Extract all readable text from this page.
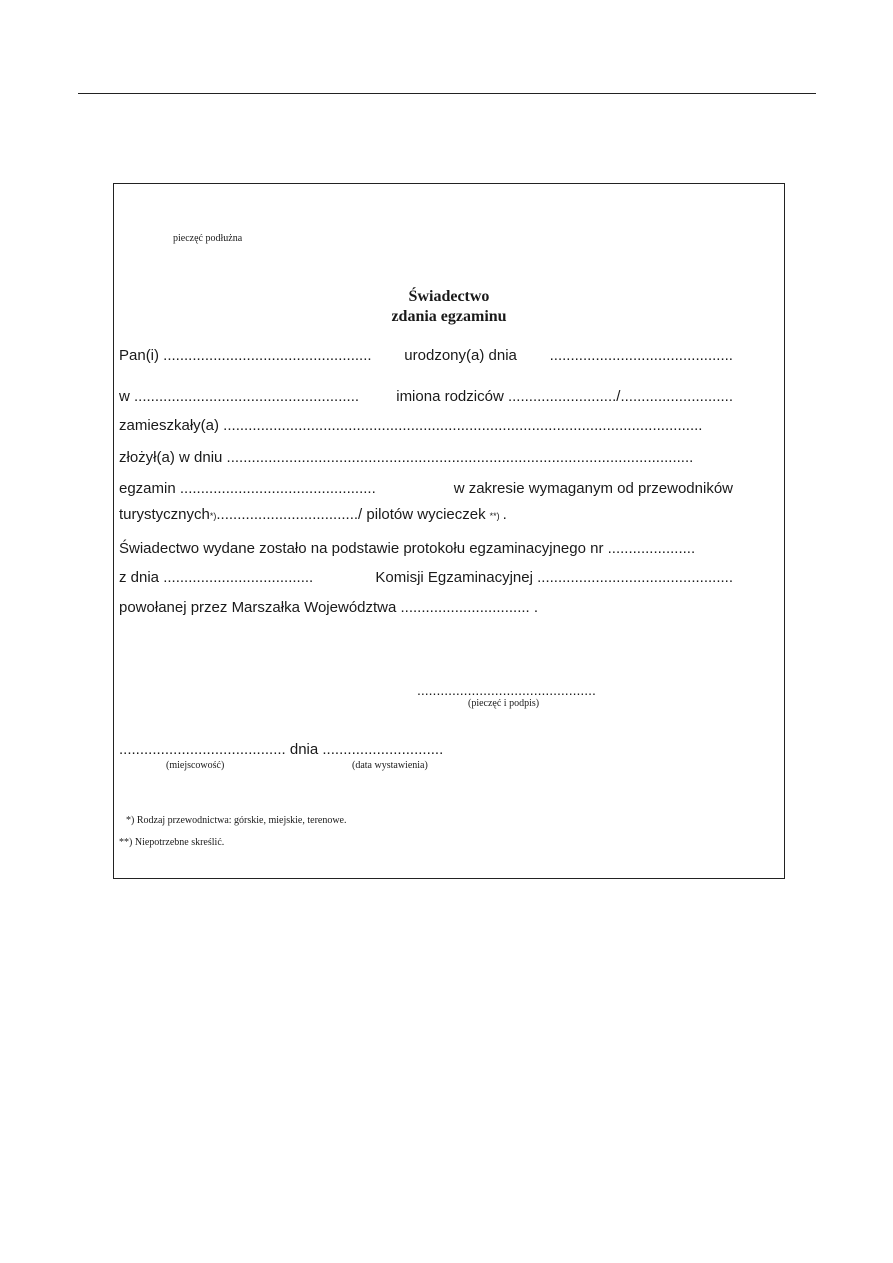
pieczęć podłużna
Świadectwo
zdania egzaminu
Pan(i) .................................................. urodzony(a) dnia ............................................
w ...................................................... imiona rodziców ........................../...........................
zamieszkały(a) ...................................................................................................................
złożył(a) w dniu ................................................................................................................
egzamin ...............................................	w zakresie wymaganym od przewodników
turystycznych *) ................................../ pilotów wycieczek **) .
Świadectwo wydane zostało na podstawie protokołu egzaminacyjnego nr .....................
z dnia ....................................	Komisji Egzaminacyjnej ...............................................
powołanej przez Marszałka Województwa ............................... .
..............................................
(pieczęć i podpis)
........................................ dnia .............................
(miejscowość)	(data wystawienia)
*) Rodzaj przewodnictwa: górskie, miejskie, terenowe.
**) Niepotrzebne skreślić.
